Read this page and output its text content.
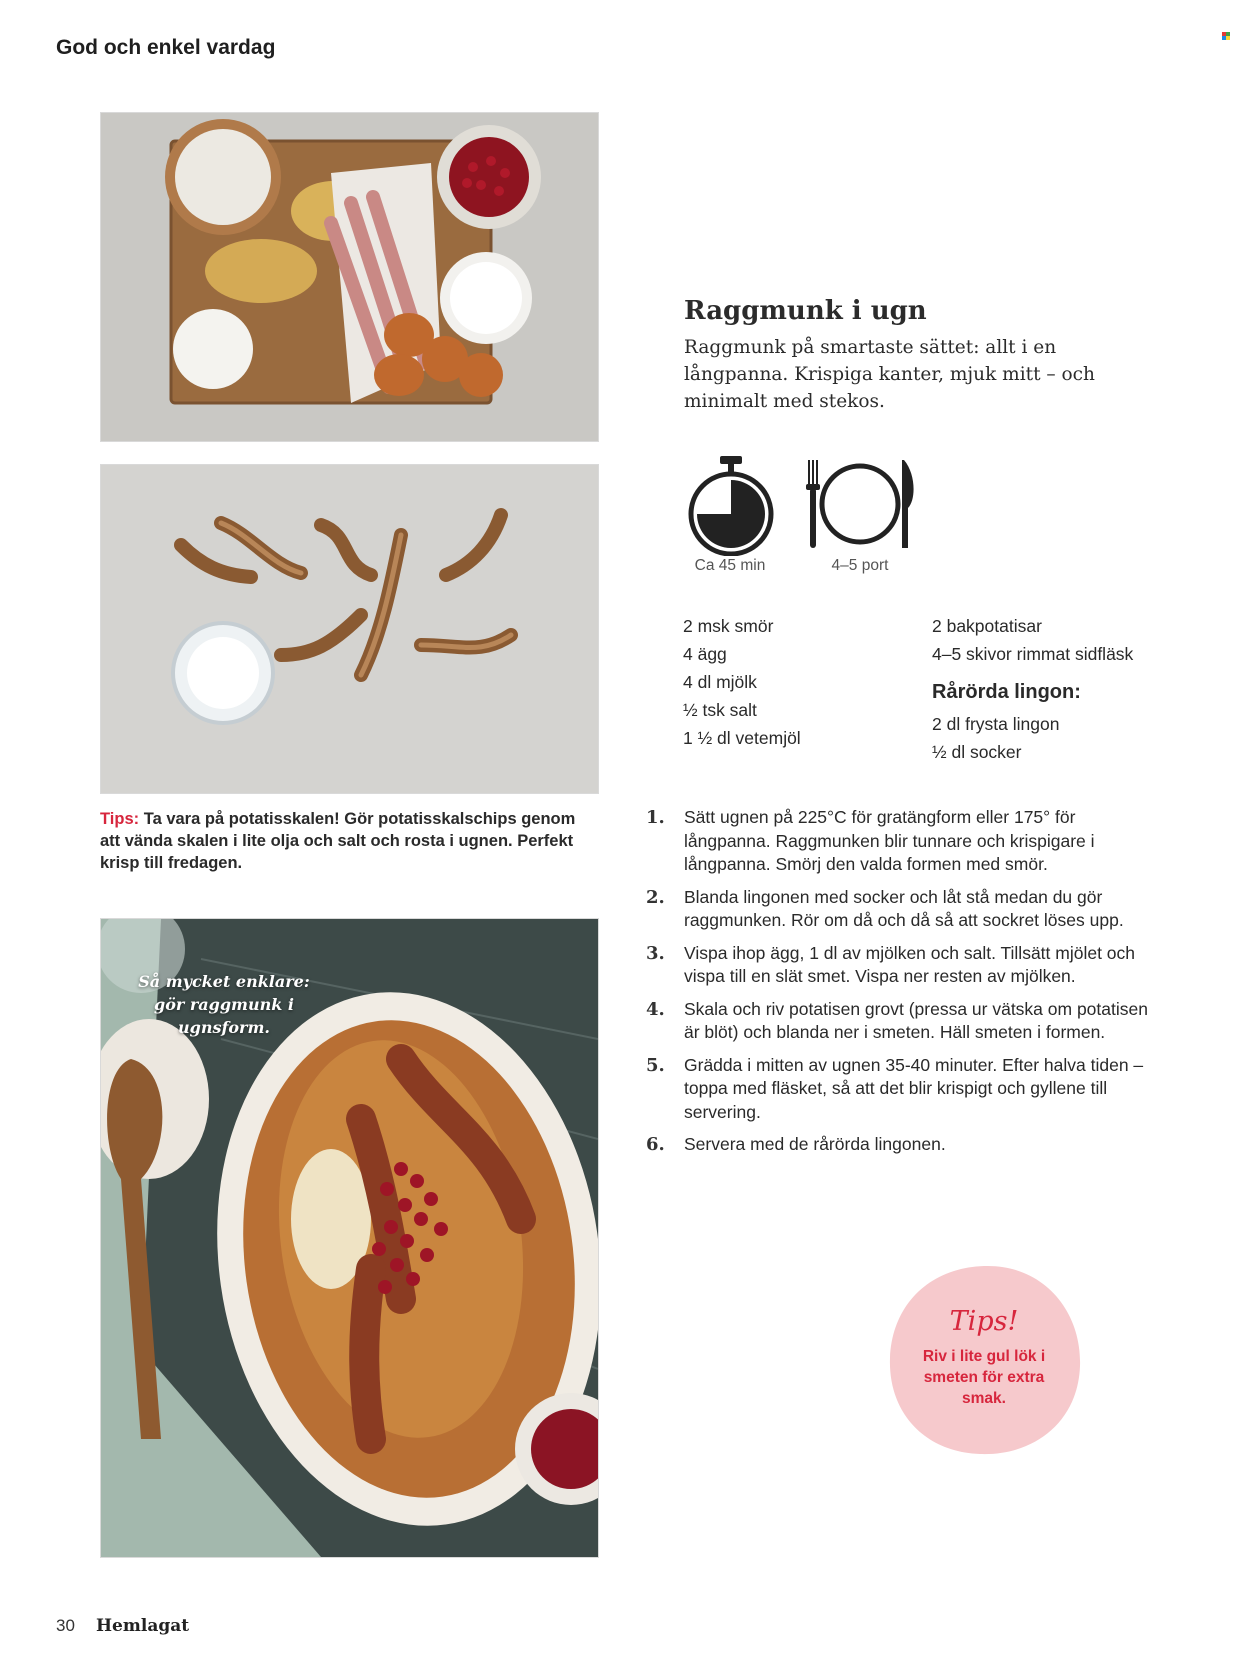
God och enkel vardag
Tips: Ta vara på potatisskalen! Gör potatisskalschips genom att vända skalen i lite olja och salt och rosta i ugnen. Perfekt krisp till fredagen.
Så mycket enklare:
gör raggmunk i
ugnsform.
Raggmunk i ugn
Raggmunk på smartaste sättet: allt i en långpanna. Krispiga kanter, mjuk mitt – och minimalt med stekos.
Ca 45 min	4–5 port
2 msk smör
4 ägg
4 dl mjölk
½ tsk salt
1 ½ dl vetemjöl
2 bakpotatisar
4–5 skivor rimmat sidfläsk
Rårörda lingon:
2 dl frysta lingon
½ dl socker
1. Sätt ugnen på 225°C för gratängform eller 175° för långpanna. Raggmunken blir tunnare och krispigare i långpanna. Smörj den valda formen med smör.
2. Blanda lingonen med socker och låt stå medan du gör raggmunken. Rör om då och då så att sockret löses upp.
3. Vispa ihop ägg, 1 dl av mjölken och salt. Tillsätt mjölet och vispa till en slät smet. Vispa ner resten av mjölken.
4. Skala och riv potatisen grovt (pressa ur vätska om potatisen är blöt) och blanda ner i smeten. Häll smeten i formen.
5. Grädda i mitten av ugnen 35-40 minuter. Efter halva tiden – toppa med fläsket, så att det blir krispigt och gyllene till servering.
6. Servera med de rårörda lingonen.
Tips!
Riv i lite gul lök i smeten för extra smak.
30 Hemlagat
